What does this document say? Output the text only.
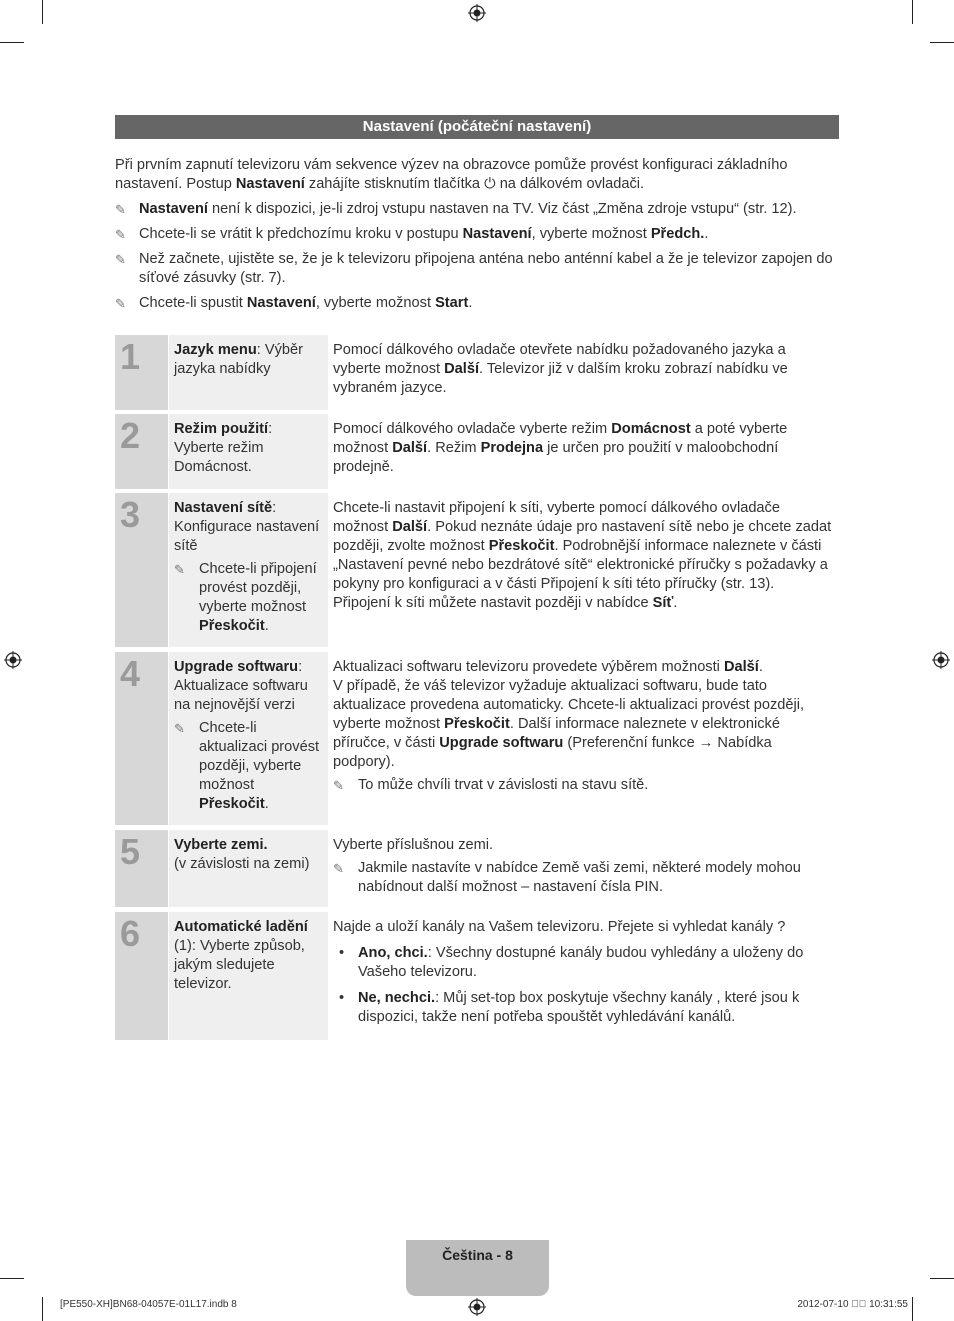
Nastavení (počáteční nastavení)

Při prvním zapnutí televizoru vám sekvence výzev na obrazovce pomůže provést konfiguraci základního nastavení. Postup Nastavení zahájíte stisknutím tlačítka ⏻ na dálkovém ovladači.

✎ Nastavení není k dispozici, je-li zdroj vstupu nastaven na TV. Viz část „Změna zdroje vstupu“ (str. 12).
✎ Chcete-li se vrátit k předchozímu kroku v postupu Nastavení, vyberte možnost Předch..
✎ Než začnete, ujistěte se, že je k televizoru připojena anténa nebo anténní kabel a že je televizor zapojen do síťové zásuvky (str. 7).
✎ Chcete-li spustit Nastavení, vyberte možnost Start.
1	Jazyk menu: Výběr jazyka nabídky
Pomocí dálkového ovladače otevřete nabídku požadovaného jazyka a vyberte možnost Další. Televizor již v dalším kroku zobrazí nabídku ve vybraném jazyce.
2	Režim použití: Vyberte režim Domácnost.
Pomocí dálkového ovladače vyberte režim Domácnost a poté vyberte možnost Další. Režim Prodejna je určen pro použití v maloobchodní prodejně.
3	Nastavení sítě: Konfigurace nastavení sítě
✎ Chcete-li připojení provést později, vyberte možnost Přeskočit.
Chcete-li nastavit připojení k síti, vyberte pomocí dálkového ovladače možnost Další. Pokud neznáte údaje pro nastavení sítě nebo je chcete zadat později, zvolte možnost Přeskočit. Podrobnější informace naleznete v části „Nastavení pevné nebo bezdrátové sítě“ elektronické příručky s požadavky a pokyny pro konfiguraci a v části Připojení k síti této příručky (str. 13). Připojení k síti můžete nastavit později v nabídce Síť.
4	Upgrade softwaru: Aktualizace softwaru na nejnovější verzi
✎ Chcete-li aktualizaci provést později, vyberte možnost Přeskočit.

Aktualizaci softwaru televizoru provedete výběrem možnosti Další.

V případě, že váš televizor vyžaduje aktualizaci softwaru, bude tato aktualizace provedena automaticky. Chcete-li aktualizaci provést později, vyberte možnost Přeskočit. Další informace naleznete v elektronické příručce, v části Upgrade softwaru (Preferenční funkce → Nabídka podpory).

✎ To může chvíli trvat v závislosti na stavu sítě.
5	Vyberte zemi.
(v závislosti na zemi)

Vyberte příslušnou zemi.

✎ Jakmile nastavíte v nabídce Země vaši zemi, některé modely mohou nabídnout další možnost – nastavení čísla PIN.
6	Automatické ladění
(1): Vyberte způsob, jakým sledujete televizor.

Najde a uloží kanály na Vašem televizoru. Přejete si vyhledat kanály ?

• Ano, chci.: Všechny dostupné kanály budou vyhledány a uloženy do Vašeho televizoru.
• Ne, nechci.: Můj set-top box poskytuje všechny kanály , které jsou k dispozici, takže není potřeba spouštět vyhledávání kanálů.
Čeština - 8
[PE550-XH]BN68-04057E-01L17.indb 8	2012-07-10 ￿￿ 10:31:55
